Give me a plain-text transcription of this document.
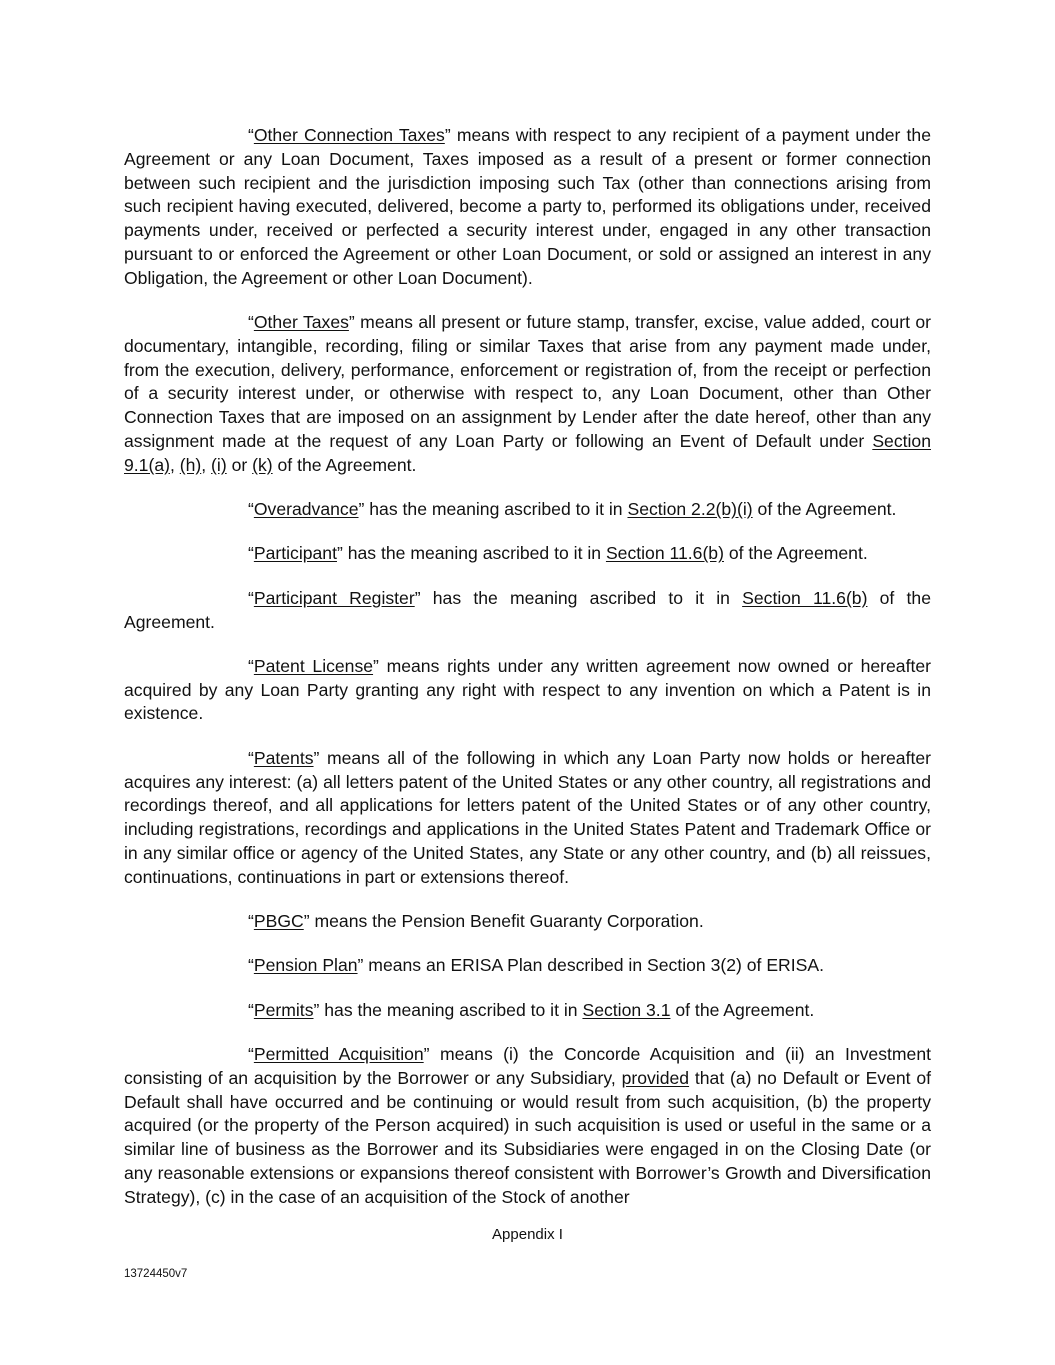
“Other Connection Taxes” means with respect to any recipient of a payment under the Agreement or any Loan Document, Taxes imposed as a result of a present or former connection between such recipient and the jurisdiction imposing such Tax (other than connections arising from such recipient having executed, delivered, become a party to, performed its obligations under, received payments under, received or perfected a security interest under, engaged in any other transaction pursuant to or enforced the Agreement or other Loan Document, or sold or assigned an interest in any Obligation, the Agreement or other Loan Document).

“Other Taxes” means all present or future stamp, transfer, excise, value added, court or documentary, intangible, recording, filing or similar Taxes that arise from any payment made under, from the execution, delivery, performance, enforcement or registration of, from the receipt or perfection of a security interest under, or otherwise with respect to, any Loan Document, other than Other Connection Taxes that are imposed on an assignment by Lender after the date hereof, other than any assignment made at the request of any Loan Party or following an Event of Default under Section 9.1(a), (h), (i) or (k) of the Agreement.

“Overadvance” has the meaning ascribed to it in Section 2.2(b)(i) of the Agreement.

“Participant” has the meaning ascribed to it in Section 11.6(b) of the Agreement.

“Participant Register” has the meaning ascribed to it in Section 11.6(b) of the Agreement.

“Patent License” means rights under any written agreement now owned or hereafter acquired by any Loan Party granting any right with respect to any invention on which a Patent is in existence.

“Patents” means all of the following in which any Loan Party now holds or hereafter acquires any interest: (a) all letters patent of the United States or any other country, all registrations and recordings thereof, and all applications for letters patent of the United States or of any other country, including registrations, recordings and applications in the United States Patent and Trademark Office or in any similar office or agency of the United States, any State or any other country, and (b) all reissues, continuations, continuations in part or extensions thereof.

“PBGC” means the Pension Benefit Guaranty Corporation.

“Pension Plan” means an ERISA Plan described in Section 3(2) of ERISA.

“Permits” has the meaning ascribed to it in Section 3.1 of the Agreement.

“Permitted Acquisition” means (i) the Concorde Acquisition and (ii) an Investment consisting of an acquisition by the Borrower or any Subsidiary, provided that (a) no Default or Event of Default shall have occurred and be continuing or would result from such acquisition, (b) the property acquired (or the property of the Person acquired) in such acquisition is used or useful in the same or a similar line of business as the Borrower and its Subsidiaries were engaged in on the Closing Date (or any reasonable extensions or expansions thereof consistent with Borrower’s Growth and Diversification Strategy), (c) in the case of an acquisition of the Stock of another

Appendix I
13724450v7
